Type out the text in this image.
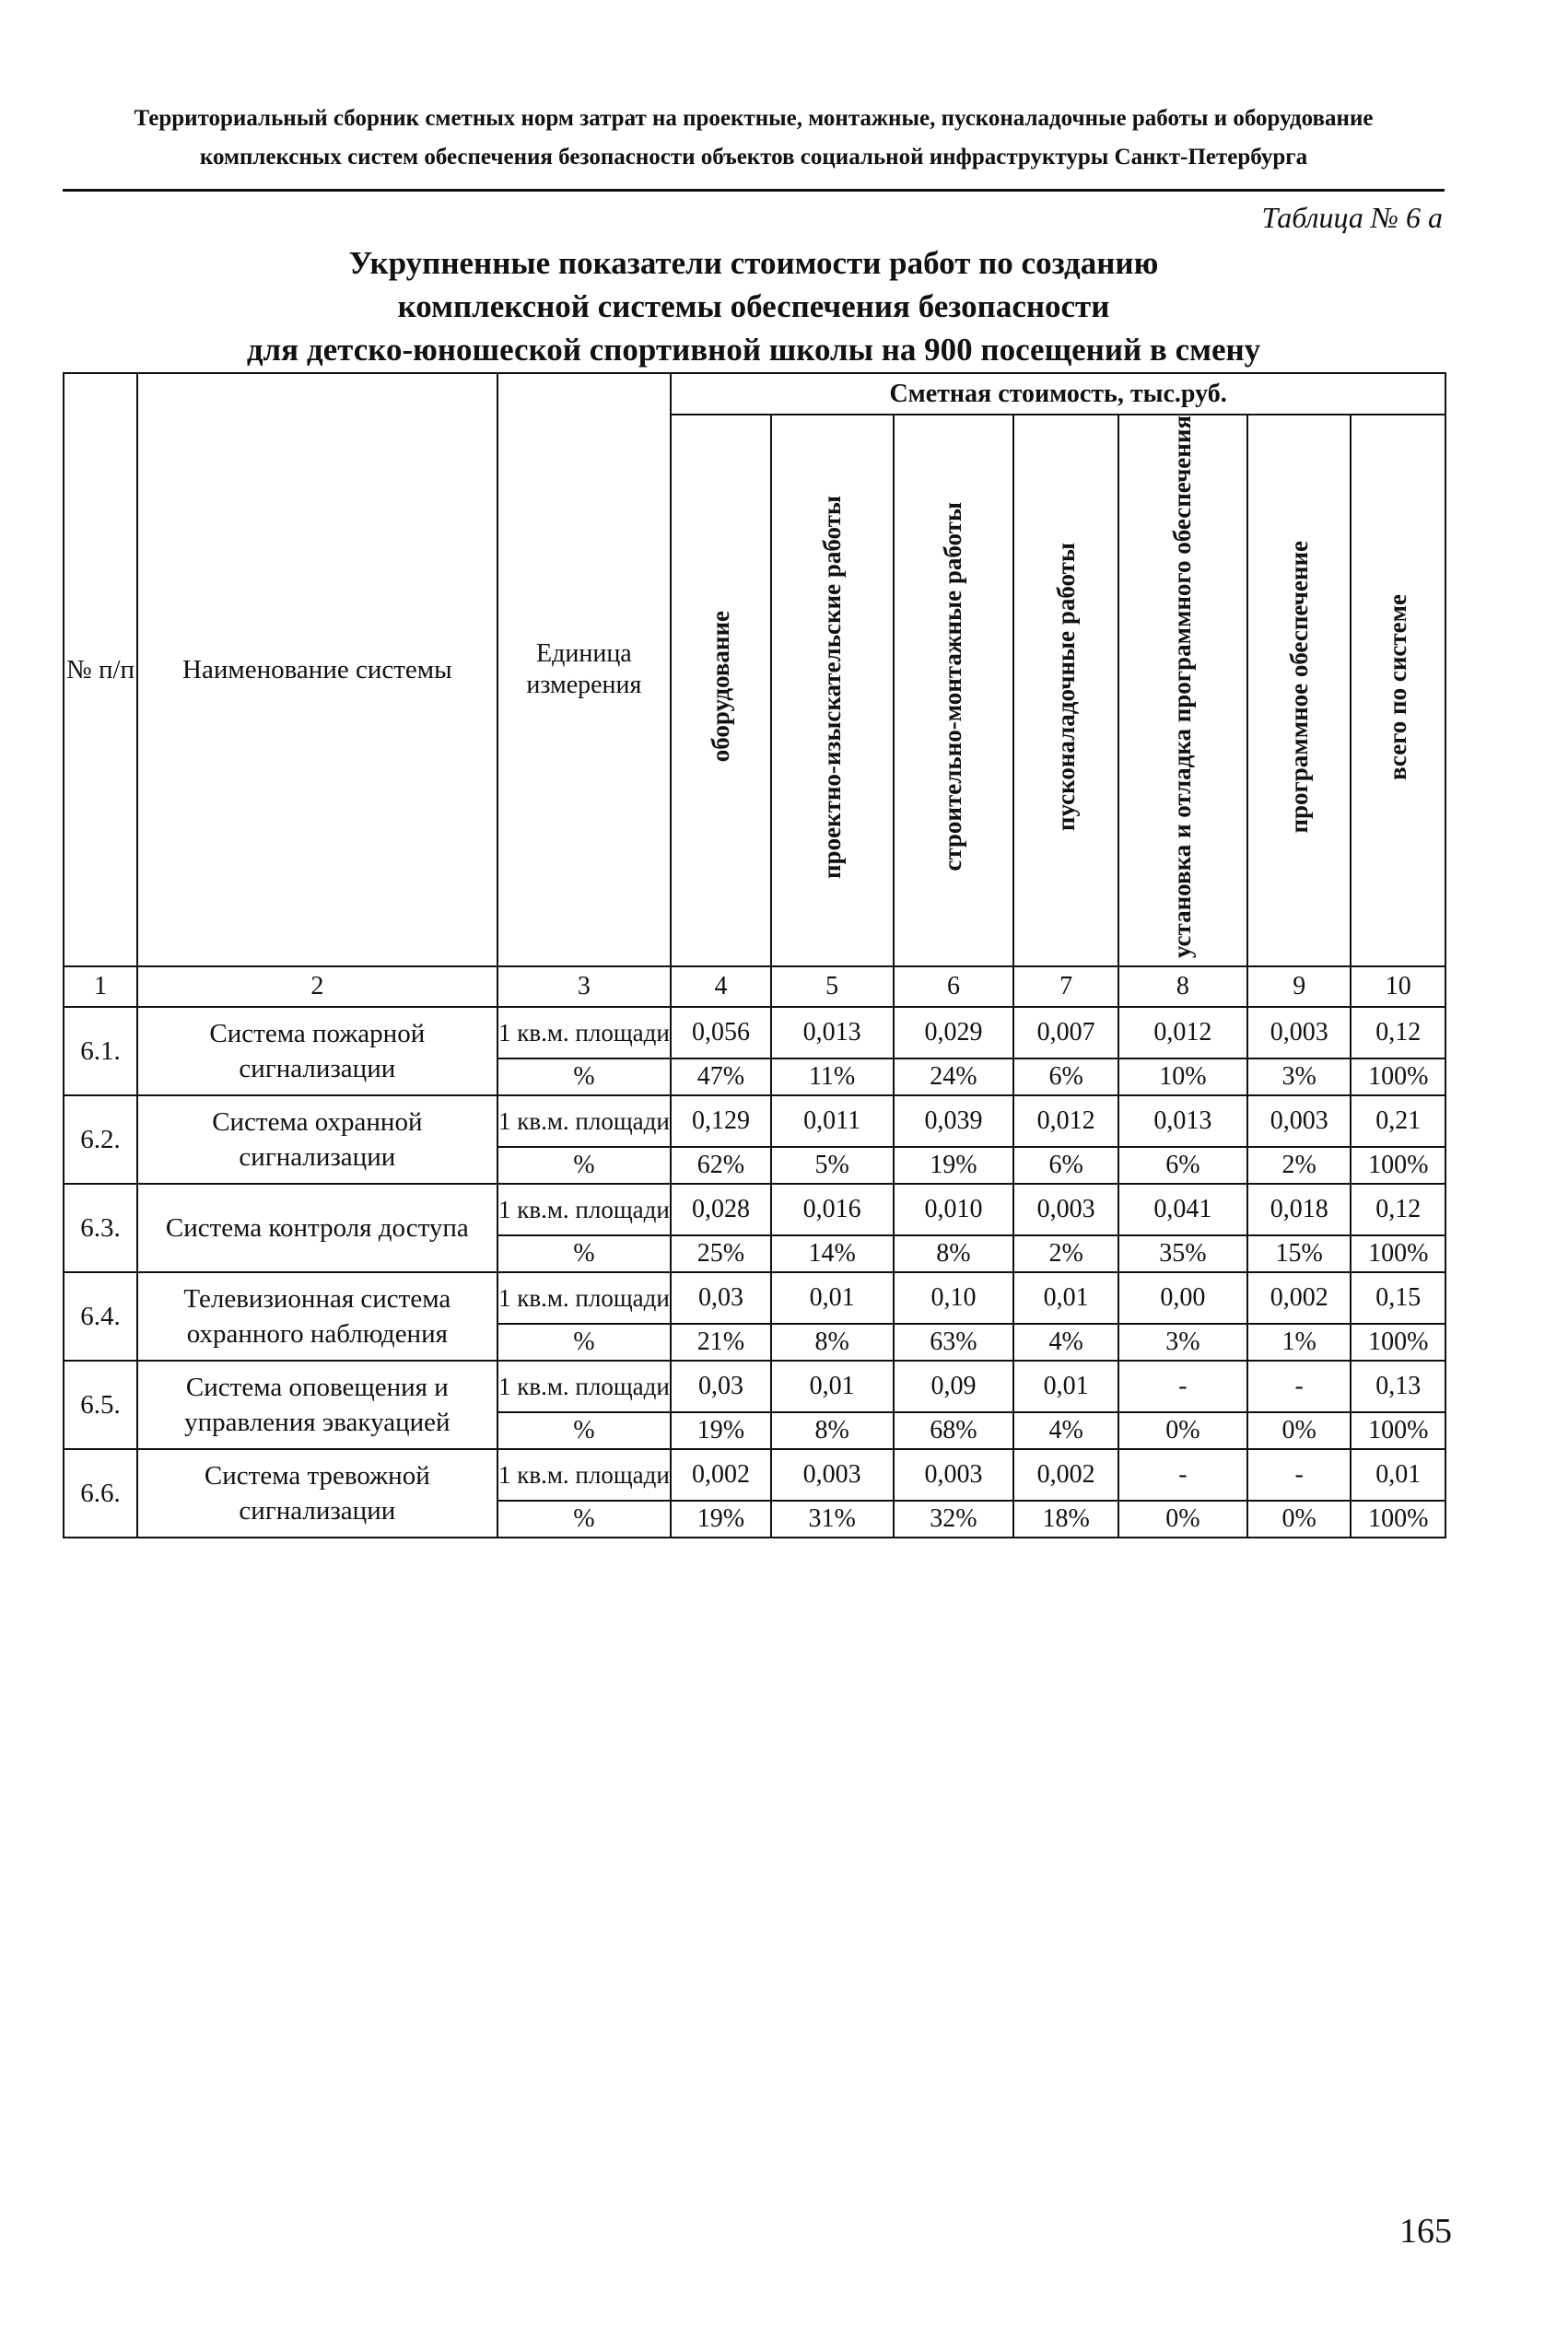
Территориальный сборник сметных норм затрат на проектные, монтажные, пусконаладочные работы и оборудование
комплексных систем обеспечения безопасности объектов социальной инфраструктуры Санкт-Петербурга
Таблица № 6 а
Укрупненные показатели стоимости работ по созданию
комплексной системы обеспечения безопасности
для детско-юношеской спортивной школы на 900 посещений в смену
№ п/п	Наименование системы	Единица измерения	Сметная стоимость, тыс.руб.						
			оборудование	проектно-изыскательские работы	строительно-монтажные работы	пусконаладочные работы	установка и отладка программного обеспечения	программное обеспечение	всего по системе
1	2	3	4	5	6	7	8	9	10
6.1.	Система пожарной сигнализации	1 кв.м. площади	0,056	0,013	0,029	0,007	0,012	0,003	0,12
		%	47%	11%	24%	6%	10%	3%	100%
6.2.	Система охранной сигнализации	1 кв.м. площади	0,129	0,011	0,039	0,012	0,013	0,003	0,21
		%	62%	5%	19%	6%	6%	2%	100%
6.3.	Система контроля доступа	1 кв.м. площади	0,028	0,016	0,010	0,003	0,041	0,018	0,12
		%	25%	14%	8%	2%	35%	15%	100%
6.4.	Телевизионная система охранного наблюдения	1 кв.м. площади	0,03	0,01	0,10	0,01	0,00	0,002	0,15
		%	21%	8%	63%	4%	3%	1%	100%
6.5.	Система оповещения и управления эвакуацией	1 кв.м. площади	0,03	0,01	0,09	0,01	-	-	0,13
		%	19%	8%	68%	4%	0%	0%	100%
6.6.	Система тревожной сигнализации	1 кв.м. площади	0,002	0,003	0,003	0,002	-	-	0,01
		%	19%	31%	32%	18%	0%	0%	100%
165
